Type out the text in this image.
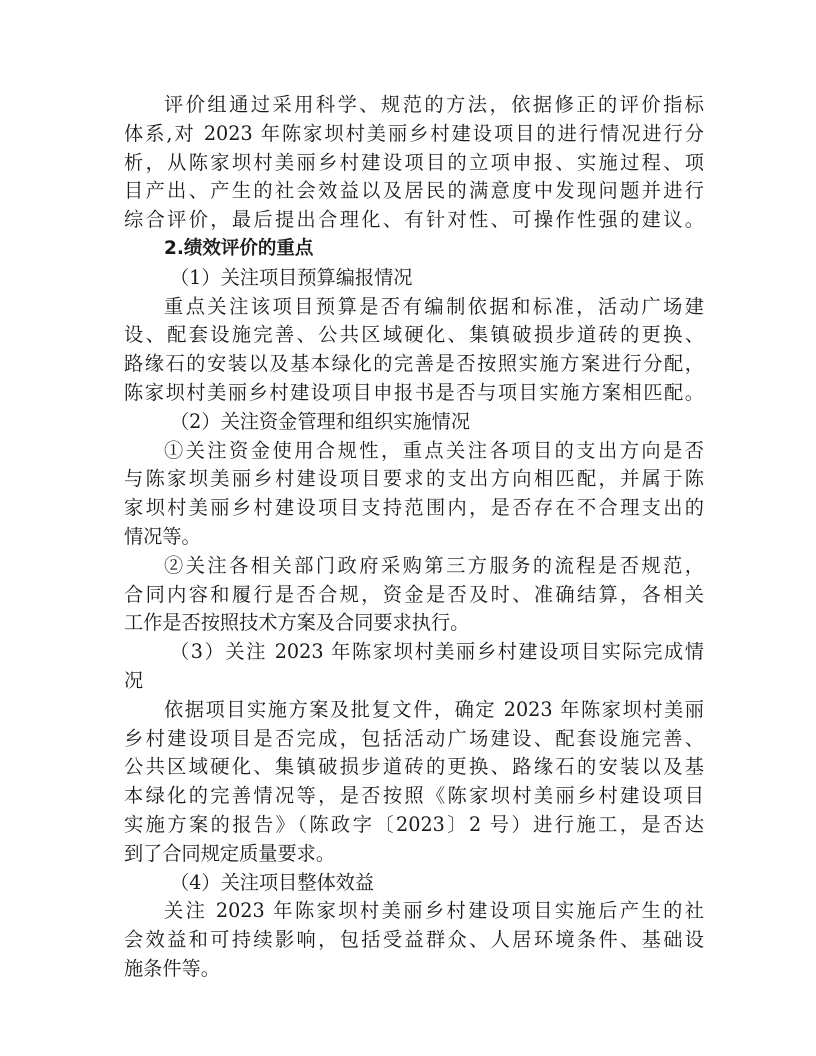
评价组通过采用科学、规范的方法，依据修正的评价指标
体系,对 2023 年陈家坝村美丽乡村建设项目的进行情况进行分
析，从陈家坝村美丽乡村建设项目的立项申报、实施过程、项
目产出、产生的社会效益以及居民的满意度中发现问题并进行
综合评价，最后提出合理化、有针对性、可操作性强的建议。
2.绩效评价的重点
（1）关注项目预算编报情况
重点关注该项目预算是否有编制依据和标准，活动广场建
设、配套设施完善、公共区域硬化、集镇破损步道砖的更换、
路缘石的安装以及基本绿化的完善是否按照实施方案进行分配，
陈家坝村美丽乡村建设项目申报书是否与项目实施方案相匹配。
（2）关注资金管理和组织实施情况
①关注资金使用合规性，重点关注各项目的支出方向是否
与陈家坝美丽乡村建设项目要求的支出方向相匹配，并属于陈
家坝村美丽乡村建设项目支持范围内，是否存在不合理支出的
情况等。
②关注各相关部门政府采购第三方服务的流程是否规范，
合同内容和履行是否合规，资金是否及时、准确结算，各相关
工作是否按照技术方案及合同要求执行。
（3）关注 2023 年陈家坝村美丽乡村建设项目实际完成情
况
依据项目实施方案及批复文件，确定 2023 年陈家坝村美丽
乡村建设项目是否完成，包括活动广场建设、配套设施完善、
公共区域硬化、集镇破损步道砖的更换、路缘石的安装以及基
本绿化的完善情况等，是否按照《陈家坝村美丽乡村建设项目
实施方案的报告》（陈政字〔2023〕2 号）进行施工，是否达
到了合同规定质量要求。
（4）关注项目整体效益
关注 2023 年陈家坝村美丽乡村建设项目实施后产生的社
会效益和可持续影响，包括受益群众、人居环境条件、基础设
施条件等。
